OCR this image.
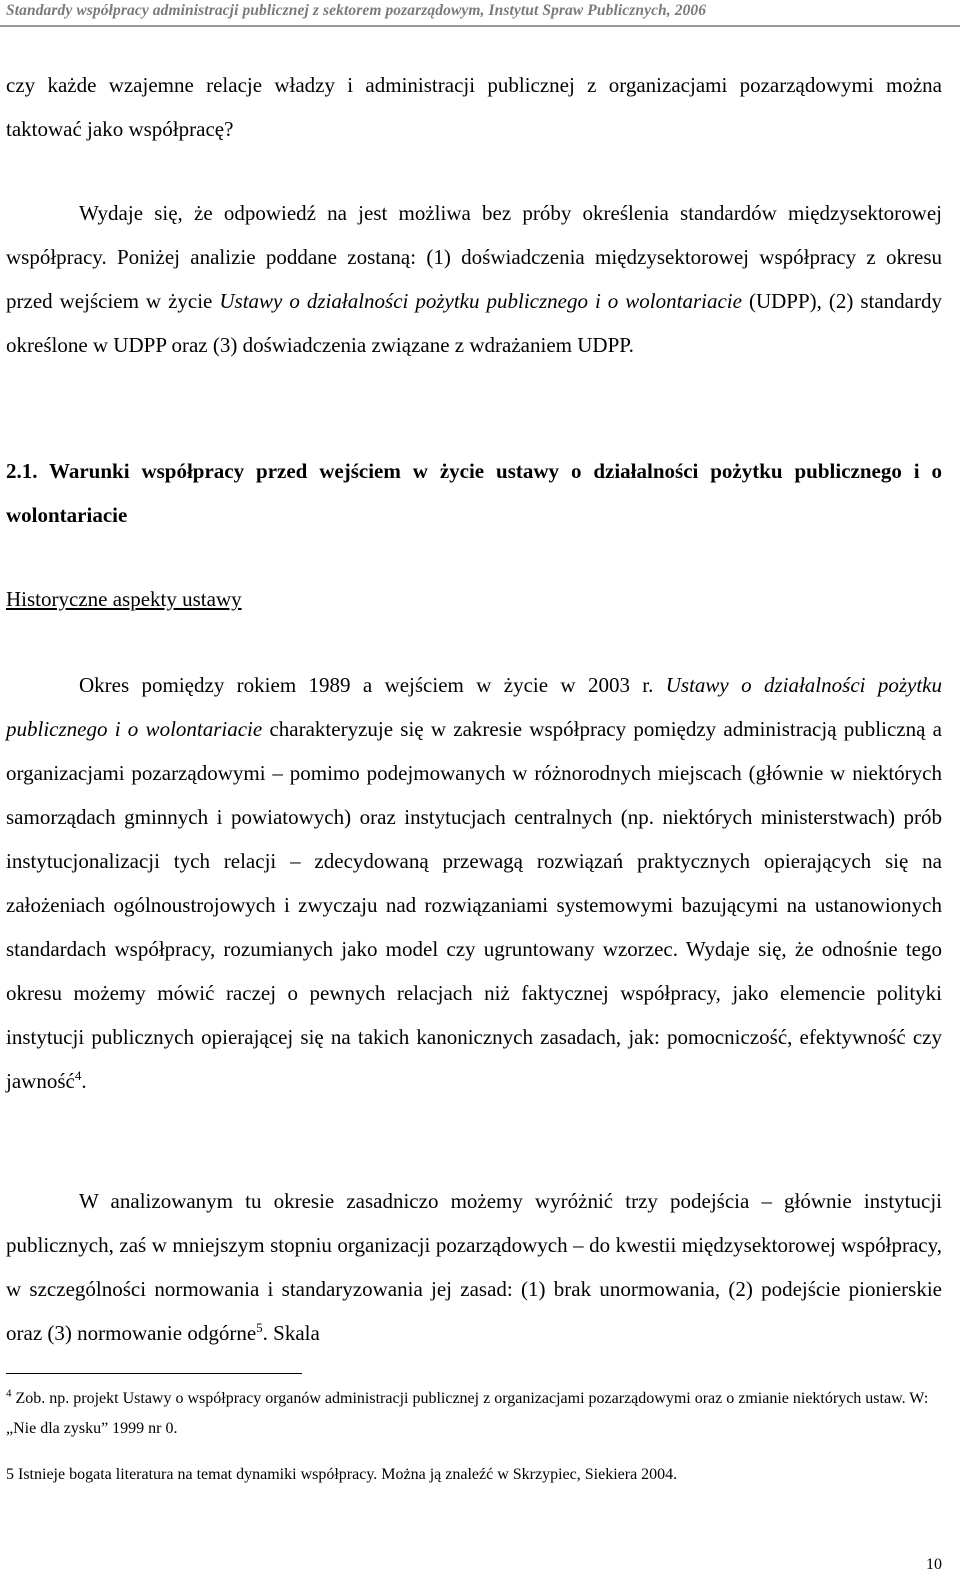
Standardy współpracy administracji publicznej z sektorem pozarządowym, Instytut Spraw Publicznych, 2006

czy każde wzajemne relacje władzy i administracji publicznej z organizacjami pozarządowymi można taktować jako współpracę?

Wydaje się, że odpowiedź na jest możliwa bez próby określenia standardów międzysektorowej współpracy. Poniżej analizie poddane zostaną: (1) doświadczenia międzysektorowej współpracy z okresu przed wejściem w życie Ustawy o działalności pożytku publicznego i o wolontariacie (UDPP), (2) standardy określone w UDPP oraz (3) doświadczenia związane z wdrażaniem UDPP.

2.1. Warunki współpracy przed wejściem w życie ustawy o działalności pożytku publicznego i o wolontariacie

Historyczne aspekty ustawy

Okres pomiędzy rokiem 1989 a wejściem w życie w 2003 r. Ustawy o działalności pożytku publicznego i o wolontariacie charakteryzuje się w zakresie współpracy pomiędzy administracją publiczną a organizacjami pozarządowymi – pomimo podejmowanych w różnorodnych miejscach (głównie w niektórych samorządach gminnych i powiatowych) oraz instytucjach centralnych (np. niektórych ministerstwach) prób instytucjonalizacji tych relacji – zdecydowaną przewagą rozwiązań praktycznych opierających się na założeniach ogólnoustrojowych i zwyczaju nad rozwiązaniami systemowymi bazującymi na ustanowionych standardach współpracy, rozumianych jako model czy ugruntowany wzorzec. Wydaje się, że odnośnie tego okresu możemy mówić raczej o pewnych relacjach niż faktycznej współpracy, jako elemencie polityki instytucji publicznych opierającej się na takich kanonicznych zasadach, jak: pomocniczość, efektywność czy jawność$^4$.

W analizowanym tu okresie zasadniczo możemy wyróżnić trzy podejścia – głównie instytucji publicznych, zaś w mniejszym stopniu organizacji pozarządowych – do kwestii międzysektorowej współpracy, w szczególności normowania i standaryzowania jej zasad: (1) brak unormowania, (2) podejście pionierskie oraz (3) normowanie odgórne$^5$. Skala

$^4$ Zob. np. projekt Ustawy o współpracy organów administracji publicznej z organizacjami pozarządowymi oraz o zmianie niektórych ustaw. W: „Nie dla zysku” 1999 nr 0.

5 Istnieje bogata literatura na temat dynamiki współpracy. Można ją znaleźć w Skrzypiec, Siekiera 2004.

10
